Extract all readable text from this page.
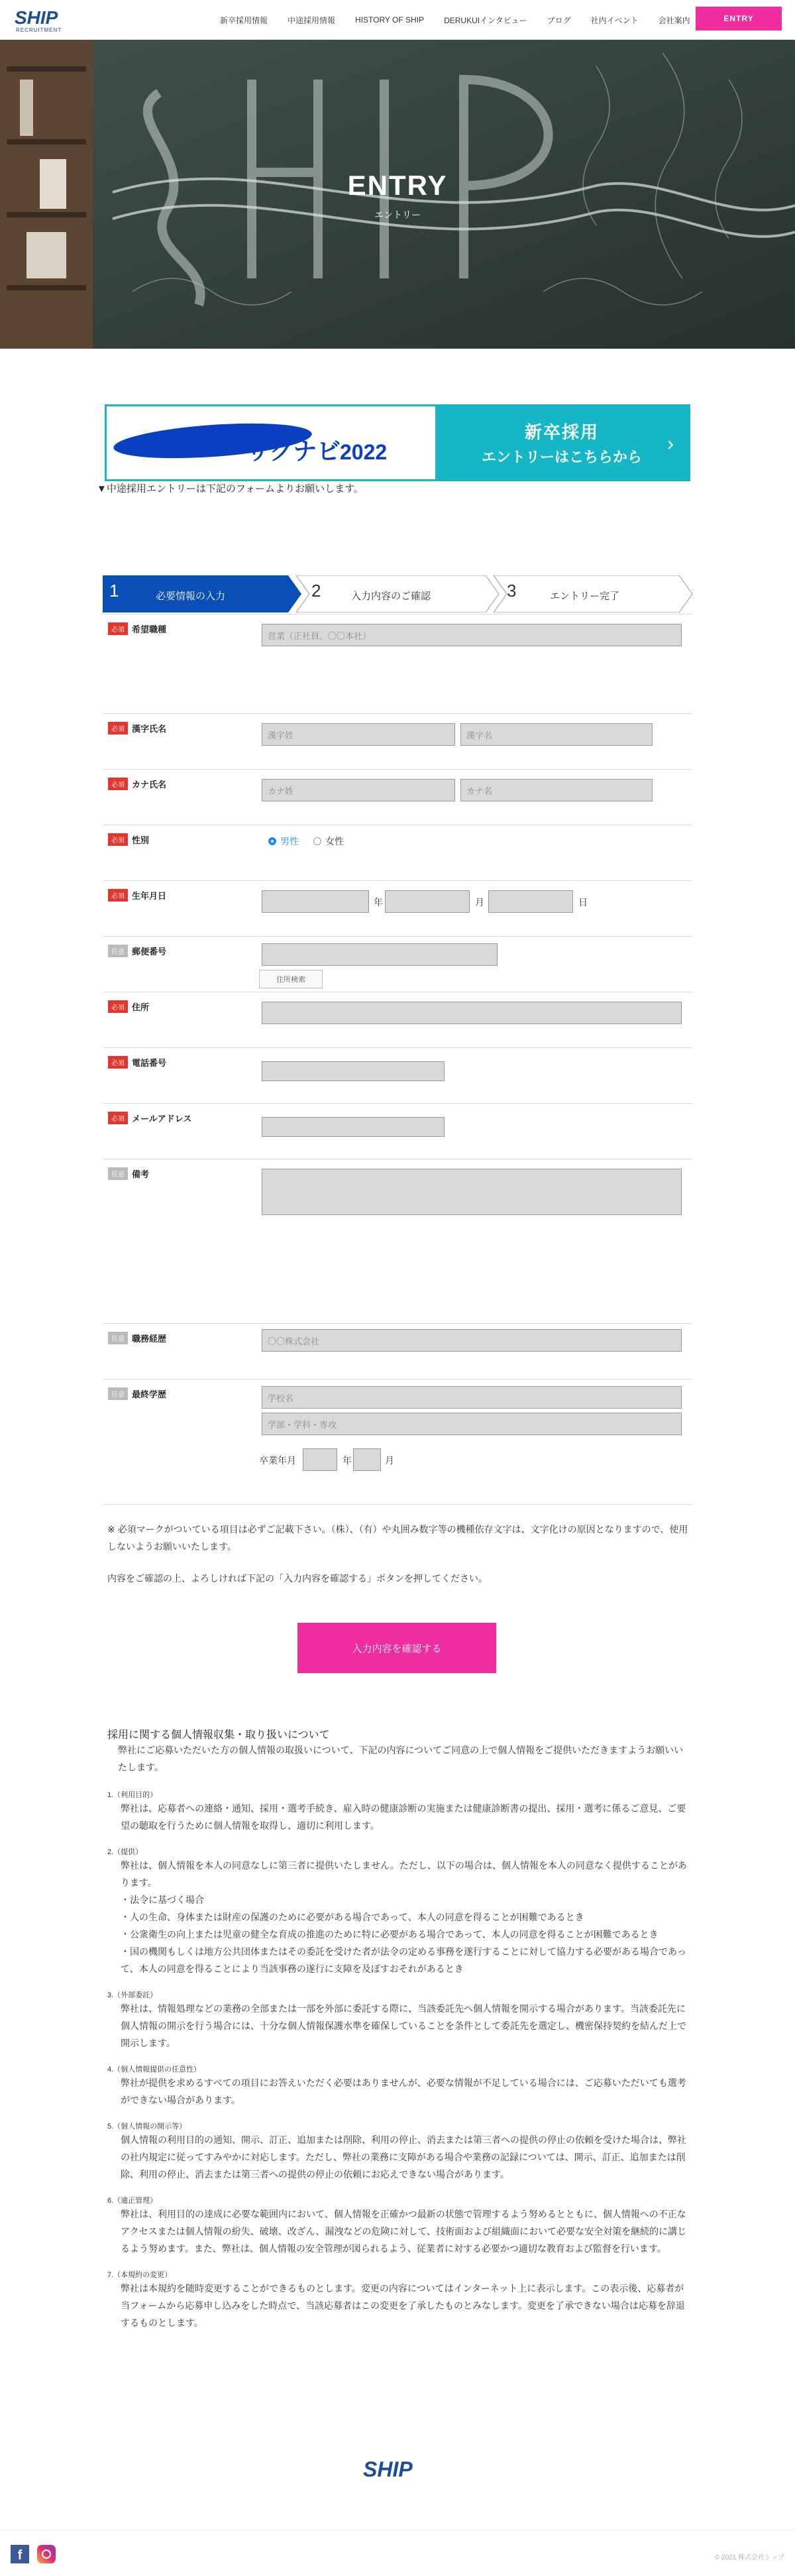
SHIP
RECRUITMENT
新卒採用情報	中途採用情報	HISTORY OF SHIP	DERUKUIインタビュー	ブログ	社内イベント	会社案内	ENTRY
ENTRY
エントリー
リクナビ
2022
新卒採用
エントリーはこちらから
›
▼中途採用エントリーは下記のフォームよりお願いします。
1	必要情報の入力	2	入力内容のご確認	3	エントリー完了
必須 希望職種
営業（正社員、〇〇本社）
必須 漢字氏名
漢字姓	漢字名
必須 カナ氏名
カナ姓	カナ名
必須 性別	男性	女性
必須 生年月日
年	月	日
任意 郵便番号
住所検索
必須 住所
必須 電話番号
必須 メールアドレス
任意 備考
任意 職務経歴	〇〇株式会社
任意 最終学歴	学校名
学部・学科・専攻
卒業年月	年	月
※ 必須マークがついている項目は必ずご記載下さい。（株）、（有）や丸囲み数字等の機種依存文字は、文字化けの原因となりますので、使用しないようお願いいたします。
内容をご確認の上、よろしければ下記の「入力内容を確認する」ボタンを押してください。
入力内容を確認する
採用に関する個人情報収集・取り扱いについて
弊社にご応募いただいた方の個人情報の取扱いについて、下記の内容についてご同意の上で個人情報をご提供いただきますようお願いいたします。
1.（利用目的）
弊社は、応募者への連絡・通知、採用・選考手続き、雇入時の健康診断の実施または健康診断書の提出、採用・選考に係るご意見、ご要望の聴取を行うために個人情報を取得し、適切に利用します。
2.（提供）
弊社は、個人情報を本人の同意なしに第三者に提供いたしません。ただし、以下の場合は、個人情報を本人の同意なく提供することがあります。
・法令に基づく場合
・人の生命、身体または財産の保護のために必要がある場合であって、本人の同意を得ることが困難であるとき
・公衆衛生の向上または児童の健全な育成の推進のために特に必要がある場合であって、本人の同意を得ることが困難であるとき
・国の機関もしくは地方公共団体またはその委託を受けた者が法令の定める事務を遂行することに対して協力する必要がある場合であって、本人の同意を得ることにより当該事務の遂行に支障を及ぼすおそれがあるとき
3.（外部委託）
弊社は、情報処理などの業務の全部または一部を外部に委託する際に、当該委託先へ個人情報を開示する場合があります。当該委託先に個人情報の開示を行う場合には、十分な個人情報保護水準を確保していることを条件として委託先を選定し、機密保持契約を結んだ上で開示します。
4.（個人情報提供の任意性）
弊社が提供を求めるすべての項目にお答えいただく必要はありませんが、必要な情報が不足している場合には、ご応募いただいても選考ができない場合があります。
5.（個人情報の開示等）
個人情報の利用目的の通知、開示、訂正、追加または削除、利用の停止、消去または第三者への提供の停止の依頼を受けた場合は、弊社の社内規定に従ってすみやかに対応します。ただし、弊社の業務に支障がある場合や業務の記録については、開示、訂正、追加または削除、利用の停止、消去または第三者への提供の停止の依頼にお応えできない場合があります。
6.（適正管理）
弊社は、利用目的の達成に必要な範囲内において、個人情報を正確かつ最新の状態で管理するよう努めるとともに、個人情報への不正なアクセスまたは個人情報の紛失、破壊、改ざん、漏洩などの危険に対して、技術面および組織面において必要な安全対策を継続的に講じるよう努めます。また、弊社は、個人情報の安全管理が図られるよう、従業者に対する必要かつ適切な教育および監督を行います。
7.（本規約の変更）
弊社は本規約を随時変更することができるものとします。変更の内容についてはインターネット上に表示します。この表示後、応募者が当フォームから応募申し込みをした時点で、当該応募者はこの変更を了承したものとみなします。変更を了承できない場合は応募を辞退するものとします。
SHIP
f	© 2021 株式会社シップ
